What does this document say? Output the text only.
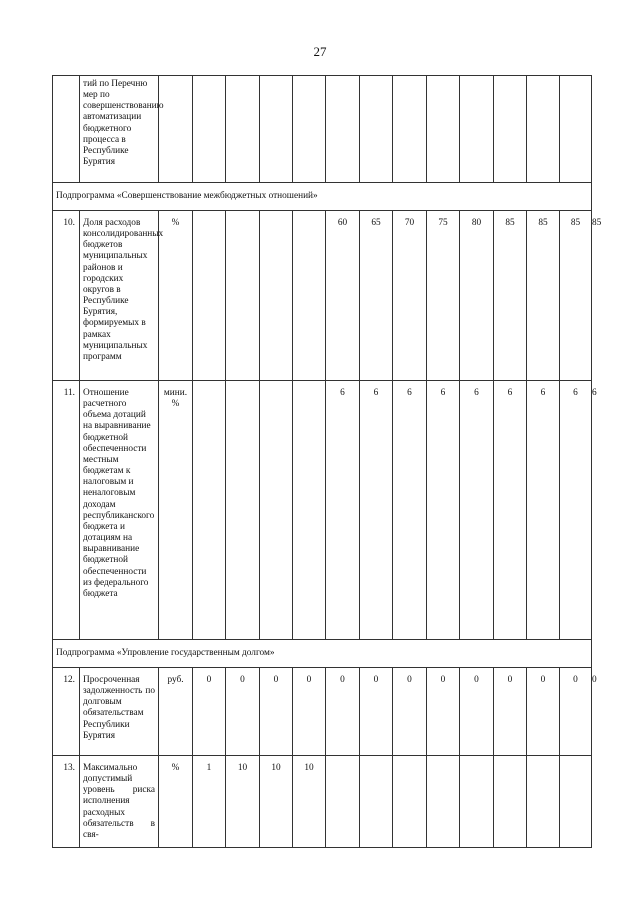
27
	тий по Перечню мер по совершенствованию автоматизации бюджетного процесса в Республике Бурятия														
Подпрограмма «Совершенствование межбюджетных отношений»															
10.	Доля расходов консолидированных бюджетов муниципальных районов и городских округов в Республике Бурятия, формируемых в рамках муниципальных программ	%					60	65	70	75	80	85	85	85	85
11.	Отношение расчетного объема дотаций на выравнивание бюджетной обеспеченности местным бюджетам к налоговым и неналоговым доходам республиканского бюджета и дотациям на выравнивание бюджетной обеспеченности из федерального бюджета	мини. %					6	6	6	6	6	6	6	6	6
Подпрограмма «Упровление государственным долгом»															
12.	Просроченная задолженность по долговым обязательствам Республики Бурятия	руб.	0	0	0	0	0	0	0	0	0	0	0	0	0
13.	Максимально допустимый уровень риска исполнения расходных обязательств в свя-	%	1	10	10	10									
